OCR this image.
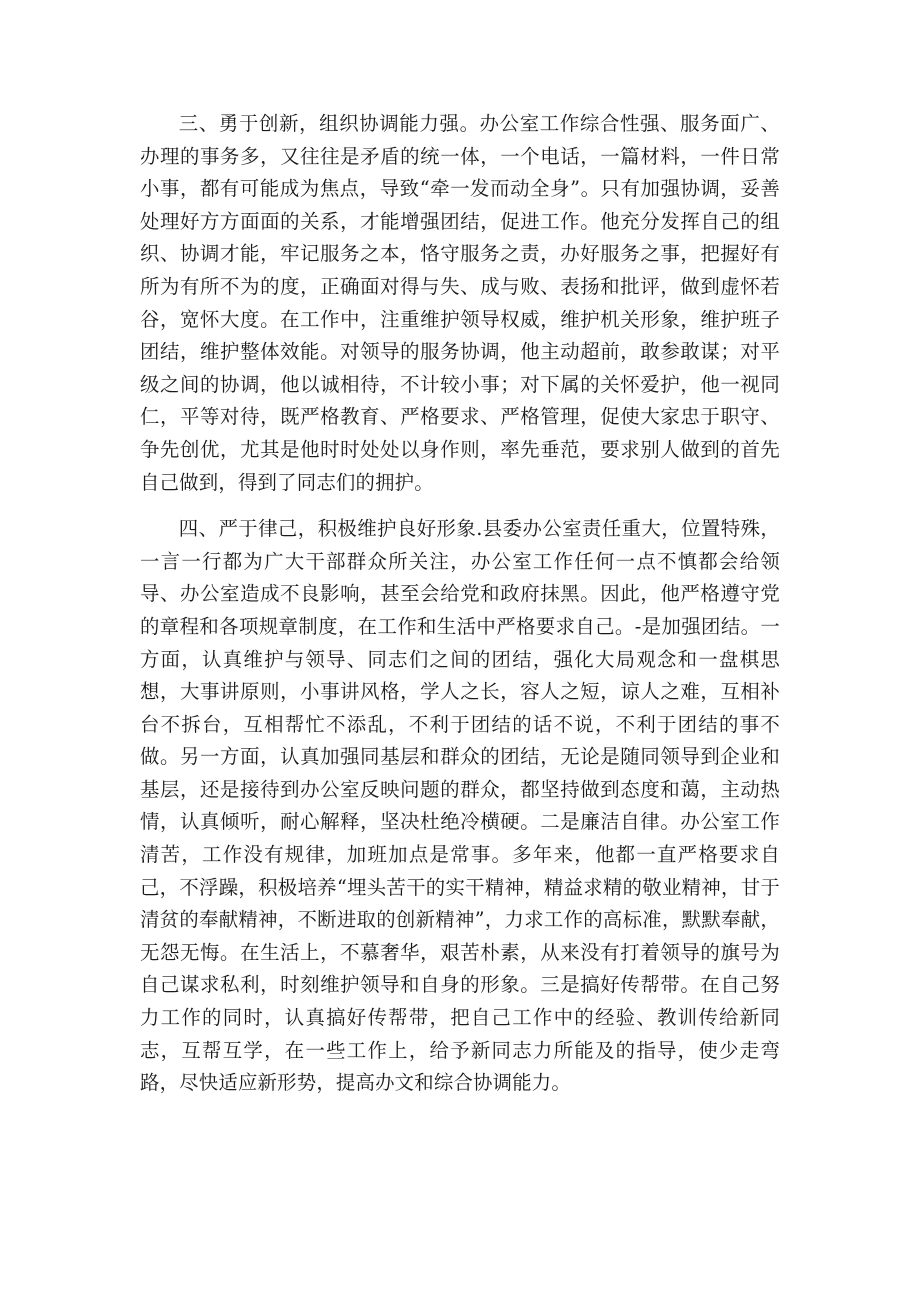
三、勇于创新，组织协调能力强。办公室工作综合性强、服务面广、办理的事务多，又往往是矛盾的统一体，一个电话，一篇材料，一件日常小事，都有可能成为焦点，导致“牵一发而动全身”。只有加强协调，妥善处理好方方面面的关系，才能增强团结，促进工作。他充分发挥自己的组织、协调才能，牢记服务之本，恪守服务之责，办好服务之事，把握好有所为有所不为的度，正确面对得与失、成与败、表扬和批评，做到虚怀若谷，宽怀大度。在工作中，注重维护领导权威，维护机关形象，维护班子团结，维护整体效能。对领导的服务协调，他主动超前，敢参敢谋；对平级之间的协调，他以诚相待，不计较小事；对下属的关怀爱护，他一视同仁，平等对待，既严格教育、严格要求、严格管理，促使大家忠于职守、争先创优，尤其是他时时处处以身作则，率先垂范，要求别人做到的首先自己做到，得到了同志们的拥护。

四、严于律己，积极维护良好形象.县委办公室责任重大，位置特殊，一言一行都为广大干部群众所关注，办公室工作任何一点不慎都会给领导、办公室造成不良影响，甚至会给党和政府抹黑。因此，他严格遵守党的章程和各项规章制度，在工作和生活中严格要求自己。-是加强团结。一方面，认真维护与领导、同志们之间的团结，强化大局观念和一盘棋思想，大事讲原则，小事讲风格，学人之长，容人之短，谅人之难，互相补台不拆台，互相帮忙不添乱，不利于团结的话不说，不利于团结的事不做。另一方面，认真加强同基层和群众的团结，无论是随同领导到企业和基层，还是接待到办公室反映问题的群众，都坚持做到态度和蔼，主动热情，认真倾听，耐心解释，坚决杜绝冷横硬。二是廉洁自律。办公室工作清苦，工作没有规律，加班加点是常事。多年来，他都一直严格要求自己，不浮躁，积极培养“埋头苦干的实干精神，精益求精的敬业精神，甘于清贫的奉献精神，不断进取的创新精神”，力求工作的高标准，默默奉献，无怨无悔。在生活上，不慕奢华，艰苦朴素，从来没有打着领导的旗号为自己谋求私利，时刻维护领导和自身的形象。三是搞好传帮带。在自己努力工作的同时，认真搞好传帮带，把自己工作中的经验、教训传给新同志，互帮互学，在一些工作上，给予新同志力所能及的指导，使少走弯路，尽快适应新形势，提高办文和综合协调能力。
